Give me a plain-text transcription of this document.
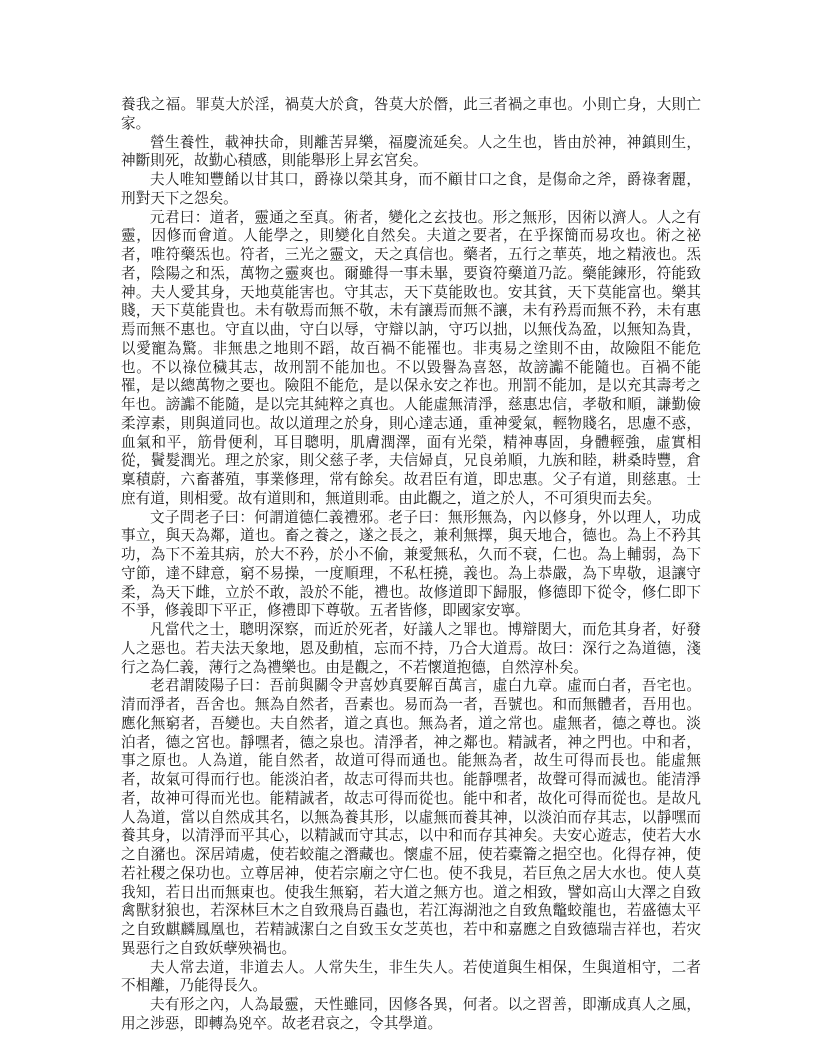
養我之福。罪莫大於淫，禍莫大於貪，咎莫大於僭，此三者禍之車也。小則亡身，大則亡家。

營生養性，載神扶命，則離苦昇樂，福慶流延矣。人之生也，皆由於神，神鎮則生，神斷則死，故勤心積感，則能舉形上昇玄宮矣。

夫人唯知豐餚以甘其口，爵祿以榮其身，而不顧甘口之食，是傷命之斧，爵祿奢麗，刑對天下之怨矣。

元君曰：道者，靈通之至真。術者，變化之玄技也。形之無形，因術以濟人。人之有靈，因修而會道。人能學之，則變化自然矣。夫道之要者，在乎探簡而易攻也。術之祕者，唯符藥炁也。符者，三光之靈文，天之真信也。藥者，五行之華英，地之精液也。炁者，陰陽之和炁，萬物之靈爽也。爾雖得一事未畢，要資符藥道乃訖。藥能鍊形，符能致神。夫人愛其身，天地莫能害也。守其志，天下莫能敗也。安其貧，天下莫能富也。樂其賤，天下莫能貴也。未有敬焉而無不敬，未有讓焉而無不讓，未有矜焉而無不矜，未有惠焉而無不惠也。守直以曲，守白以辱，守辯以訥，守巧以拙，以無伐為盈，以無知為貴，以愛寵為驚。非無患之地則不蹈，故百禍不能罹也。非夷易之塗則不由，故險阻不能危也。不以祿位穢其志，故刑罰不能加也。不以毀譽為喜怒，故謗讟不能隨也。百禍不能罹，是以總萬物之要也。險阻不能危，是以保永安之祚也。刑罰不能加，是以充其壽考之年也。謗讟不能隨，是以完其純粹之真也。人能虛無清淨，慈惠忠信，孝敬和順，謙勤儉柔淳素，則與道同也。故以道理之於身，則心達志通，重神愛氣，輕物賤名，思慮不惑，血氣和平，筋骨便利，耳目聰明，肌膚潤澤，面有光榮，精神專固，身體輕強，虛實相從，鬢髮潤光。理之於家，則父慈子孝，夫信婦貞，兄良弟順，九族和睦，耕桑時豐，倉稟積蔚，六畜蕃殖，事業修理，常有餘矣。故君臣有道，即忠惠。父子有道，則慈惠。士庶有道，則相愛。故有道則和，無道則乖。由此觀之，道之於人，不可須臾而去矣。

文子問老子曰：何謂道德仁義禮邪。老子曰：無形無為，內以修身，外以理人，功成事立，與天為鄰，道也。畜之養之，遂之長之，兼利無擇，與天地合，德也。為上不矜其功，為下不羞其病，於大不矜，於小不偷，兼愛無私，久而不衰，仁也。為上輔弱，為下守節，達不肆意，窮不易操，一度順理，不私枉撓，義也。為上恭嚴，為下卑敬，退讓守柔，為天下雌，立於不敢，設於不能，禮也。故修道即下歸服，修德即下從令，修仁即下不爭，修義即下平正，修禮即下尊敬。五者皆修，即國家安寧。

凡當代之士，聰明深察，而近於死者，好議人之罪也。博辯閎大，而危其身者，好發人之惡也。若夫法天象地，恩及動植，忘而不持，乃合大道焉。故曰：深行之為道德，淺行之為仁義，薄行之為禮樂也。由是觀之，不若懷道抱德，自然淳朴矣。

老君謂陵陽子曰：吾前與關令尹喜妙真要解百萬言，虛白九章。虛而白者，吾宅也。清而淨者，吾舍也。無為自然者，吾素也。易而為一者，吾號也。和而無體者，吾用也。應化無窮者，吾變也。夫自然者，道之真也。無為者，道之常也。虛無者，德之尊也。淡泊者，德之宮也。靜嘿者，德之泉也。清淨者，神之鄰也。精誠者，神之門也。中和者，事之原也。人為道，能自然者，故道可得而通也。能無為者，故生可得而長也。能虛無者，故氣可得而行也。能淡泊者，故志可得而共也。能靜嘿者，故聲可得而滅也。能清淨者，故神可得而光也。能精誠者，故志可得而從也。能中和者，故化可得而從也。是故凡人為道，當以自然成其名，以無為養其形，以虛無而養其神，以淡泊而存其志，以靜嘿而養其身，以清淨而平其心，以精誠而守其志，以中和而存其神矣。夫安心遊志，使若大水之自瀦也。深居靖處，使若蛟龍之潛藏也。懷虛不屈，使若橐籥之挹空也。化得存神，使若社稷之保功也。立尊居神，使若宗廟之守仁也。使不我見，若巨魚之居大水也。使人莫我知，若日出而無東也。使我生無窮，若大道之無方也。道之相致，譬如高山大澤之自致禽獸豺狼也，若深林巨木之自致飛鳥百蟲也，若江海湖池之自致魚鼈蛟龍也，若盛德太平之自致麒麟鳳凰也，若精誠潔白之自致玉女芝英也，若中和嘉應之自致德瑞吉祥也，若灾異惡行之自致妖孽殃禍也。

夫人常去道，非道去人。人常失生，非生失人。若使道與生相保，生與道相守，二者不相離，乃能得長久。

夫有形之內，人為最靈，天性雖同，因修各異，何者。以之習善，即漸成真人之風，用之涉惡，即轉為兇卒。故老君哀之，令其學道。
